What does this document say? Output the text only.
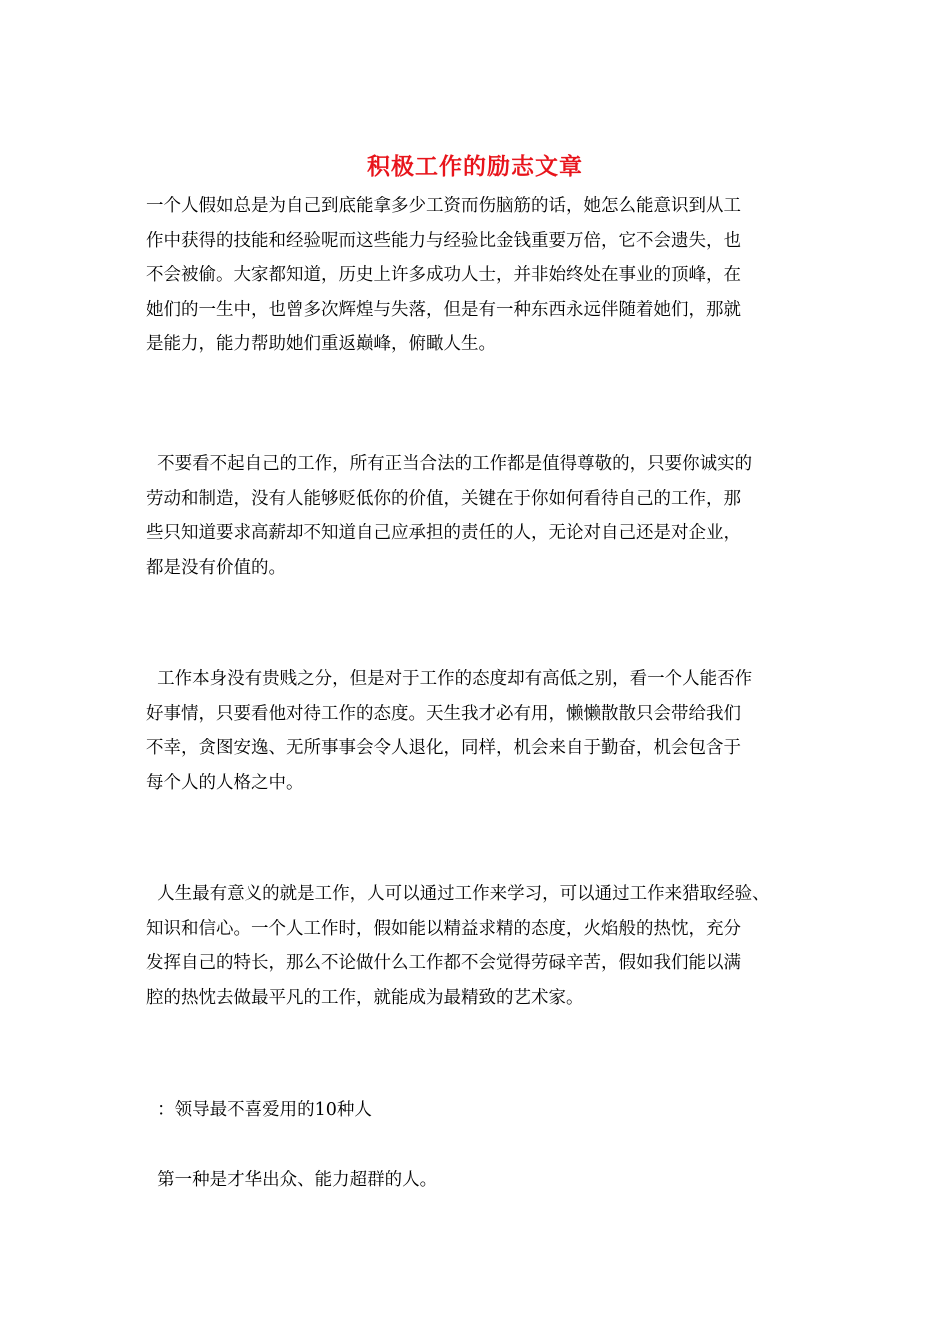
积极工作的励志文章
一个人假如总是为自己到底能拿多少工资而伤脑筋的话，她怎么能意识到从工
作中获得的技能和经验呢而这些能力与经验比金钱重要万倍，它不会遗失，也
不会被偷。大家都知道，历史上许多成功人士，并非始终处在事业的顶峰，在
她们的一生中，也曾多次辉煌与失落，但是有一种东西永远伴随着她们，那就
是能力，能力帮助她们重返巅峰，俯瞰人生。
不要看不起自己的工作，所有正当合法的工作都是值得尊敬的，只要你诚实的
劳动和制造，没有人能够贬低你的价值，关键在于你如何看待自己的工作，那
些只知道要求高薪却不知道自己应承担的责任的人，无论对自己还是对企业，
都是没有价值的。
工作本身没有贵贱之分，但是对于工作的态度却有高低之别，看一个人能否作
好事情，只要看他对待工作的态度。天生我才必有用，懒懒散散只会带给我们
不幸，贪图安逸、无所事事会令人退化，同样，机会来自于勤奋，机会包含于
每个人的人格之中。
人生最有意义的就是工作，人可以通过工作来学习，可以通过工作来猎取经验、
知识和信心。一个人工作时，假如能以精益求精的态度，火焰般的热忱，充分
发挥自己的特长，那么不论做什么工作都不会觉得劳碌辛苦，假如我们能以满
腔的热忱去做最平凡的工作，就能成为最精致的艺术家。
：领导最不喜爱用的10种人
第一种是才华出众、能力超群的人。
